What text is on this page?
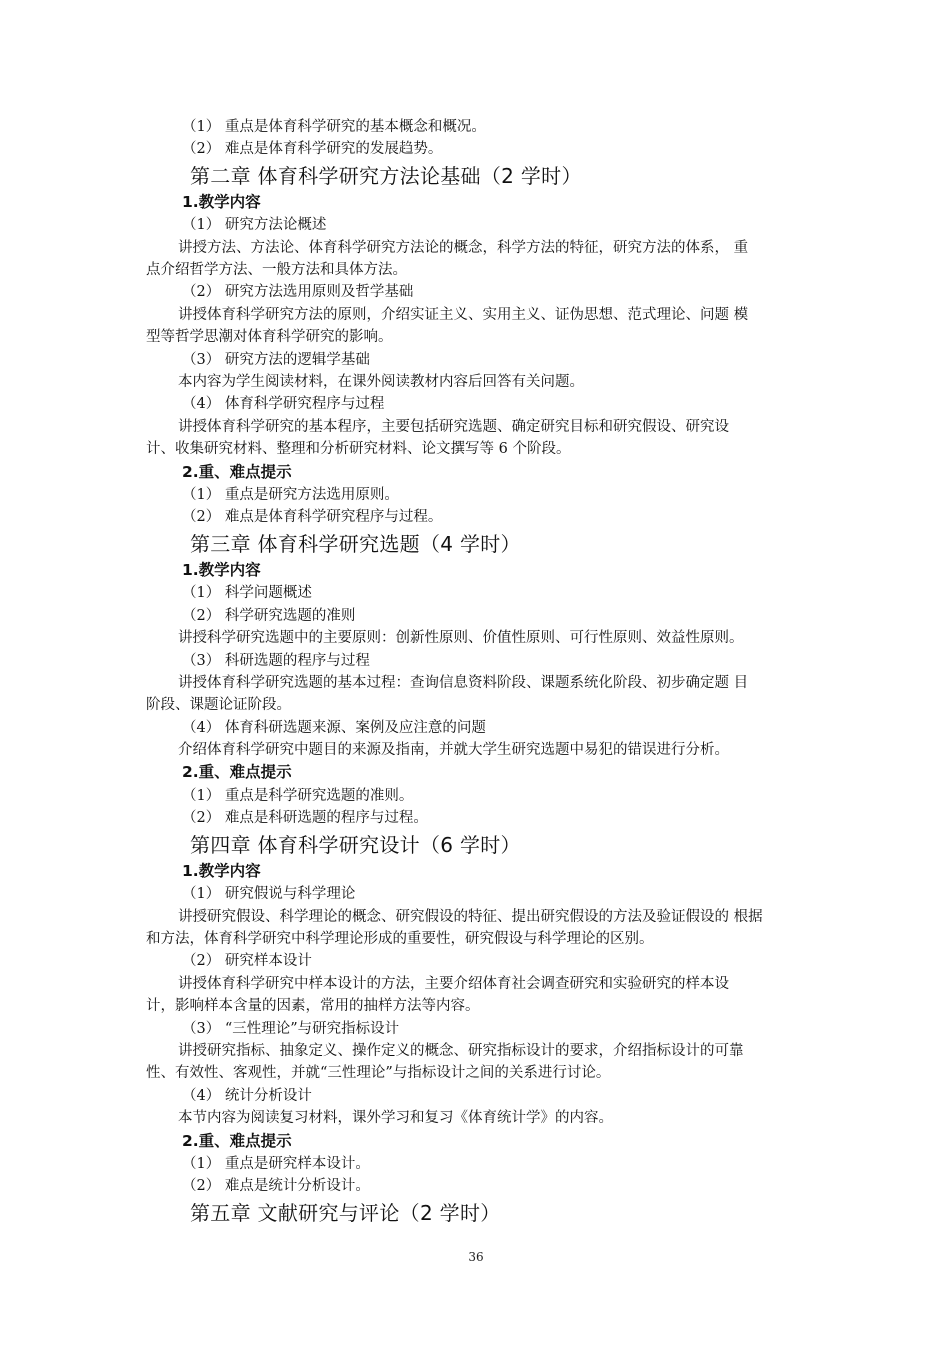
（1） 重点是体育科学研究的基本概念和概况。
（2） 难点是体育科学研究的发展趋势。
第二章 体育科学研究方法论基础（2 学时）
1.教学内容
（1） 研究方法论概述
讲授方法、方法论、体育科学研究方法论的概念，科学方法的特征，研究方法的体系， 重
点介绍哲学方法、一般方法和具体方法。
（2） 研究方法选用原则及哲学基础
讲授体育科学研究方法的原则，介绍实证主义、实用主义、证伪思想、范式理论、问题 模
型等哲学思潮对体育科学研究的影响。
（3） 研究方法的逻辑学基础
本内容为学生阅读材料，在课外阅读教材内容后回答有关问题。
（4） 体育科学研究程序与过程
讲授体育科学研究的基本程序，主要包括研究选题、确定研究目标和研究假设、研究设
计、收集研究材料、整理和分析研究材料、论文撰写等 6 个阶段。
2.重、难点提示
（1） 重点是研究方法选用原则。
（2） 难点是体育科学研究程序与过程。
第三章 体育科学研究选题（4 学时）
1.教学内容
（1） 科学问题概述
（2） 科学研究选题的准则
讲授科学研究选题中的主要原则：创新性原则、价值性原则、可行性原则、效益性原则。
（3） 科研选题的程序与过程
讲授体育科学研究选题的基本过程：查询信息资料阶段、课题系统化阶段、初步确定题 目
阶段、课题论证阶段。
（4） 体育科研选题来源、案例及应注意的问题
介绍体育科学研究中题目的来源及指南，并就大学生研究选题中易犯的错误进行分析。
2.重、难点提示
（1） 重点是科学研究选题的准则。
（2） 难点是科研选题的程序与过程。
第四章 体育科学研究设计（6 学时）
1.教学内容
（1） 研究假说与科学理论
讲授研究假设、科学理论的概念、研究假设的特征、提出研究假设的方法及验证假设的 根据
和方法，体育科学研究中科学理论形成的重要性，研究假设与科学理论的区别。
（2） 研究样本设计
讲授体育科学研究中样本设计的方法，主要介绍体育社会调查研究和实验研究的样本设
计，影响样本含量的因素，常用的抽样方法等内容。
（3） “三性理论”与研究指标设计
讲授研究指标、抽象定义、操作定义的概念、研究指标设计的要求，介绍指标设计的可靠
性、有效性、客观性，并就“三性理论”与指标设计之间的关系进行讨论。
（4） 统计分析设计
本节内容为阅读复习材料，课外学习和复习《体育统计学》的内容。
2.重、难点提示
（1） 重点是研究样本设计。
（2） 难点是统计分析设计。
第五章 文献研究与评论（2 学时）
36
